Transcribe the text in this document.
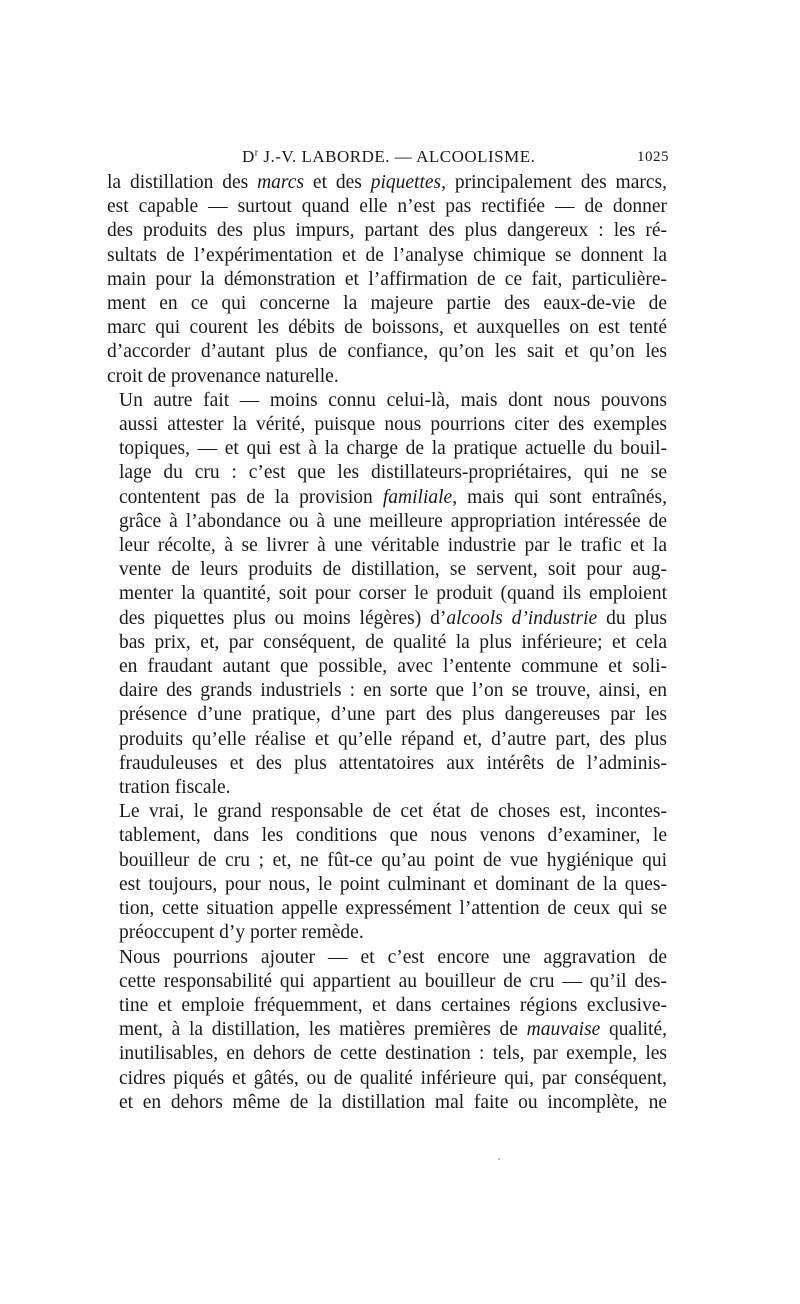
$D^r$ J.-V. LABORDE. — ALCOOLISME.	1025

la distillation des marcs et des piquettes, principalement des marcs,
est capable — surtout quand elle n’est pas rectifiée — de donner
des produits des plus impurs, partant des plus dangereux : les ré-
sultats de l’expérimentation et de l’analyse chimique se donnent la
main pour la démonstration et l’affirmation de ce fait, particulière-
ment en ce qui concerne la majeure partie des eaux-de-vie de
marc qui courent les débits de boissons, et auxquelles on est tenté
d’accorder d’autant plus de confiance, qu’on les sait et qu’on les
croit de provenance naturelle.

Un autre fait — moins connu celui-là, mais dont nous pouvons
aussi attester la vérité, puisque nous pourrions citer des exemples
topiques, — et qui est à la charge de la pratique actuelle du bouil-
lage du cru : c’est que les distillateurs-propriétaires, qui ne se
contentent pas de la provision familiale, mais qui sont entraînés,
grâce à l’abondance ou à une meilleure appropriation intéressée de
leur récolte, à se livrer à une véritable industrie par le trafic et la
vente de leurs produits de distillation, se servent, soit pour aug-
menter la quantité, soit pour corser le produit (quand ils emploient
des piquettes plus ou moins légères) d’alcools d’industrie du plus
bas prix, et, par conséquent, de qualité la plus inférieure; et cela
en fraudant autant que possible, avec l’entente commune et soli-
daire des grands industriels : en sorte que l’on se trouve, ainsi, en
présence d’une pratique, d’une part des plus dangereuses par les
produits qu’elle réalise et qu’elle répand et, d’autre part, des plus
frauduleuses et des plus attentatoires aux intérêts de l’adminis-
tration fiscale.

Le vrai, le grand responsable de cet état de choses est, incontes-
tablement, dans les conditions que nous venons d’examiner, le
bouilleur de cru ; et, ne fût-ce qu’au point de vue hygiénique qui
est toujours, pour nous, le point culminant et dominant de la ques-
tion, cette situation appelle expressément l’attention de ceux qui se
préoccupent d’y porter remède.

Nous pourrions ajouter — et c’est encore une aggravation de
cette responsabilité qui appartient au bouilleur de cru — qu’il des-
tine et emploie fréquemment, et dans certaines régions exclusive-
ment, à la distillation, les matières premières de mauvaise qualité,
inutilisables, en dehors de cette destination : tels, par exemple, les
cidres piqués et gâtés, ou de qualité inférieure qui, par conséquent,
et en dehors même de la distillation mal faite ou incomplète, ne
